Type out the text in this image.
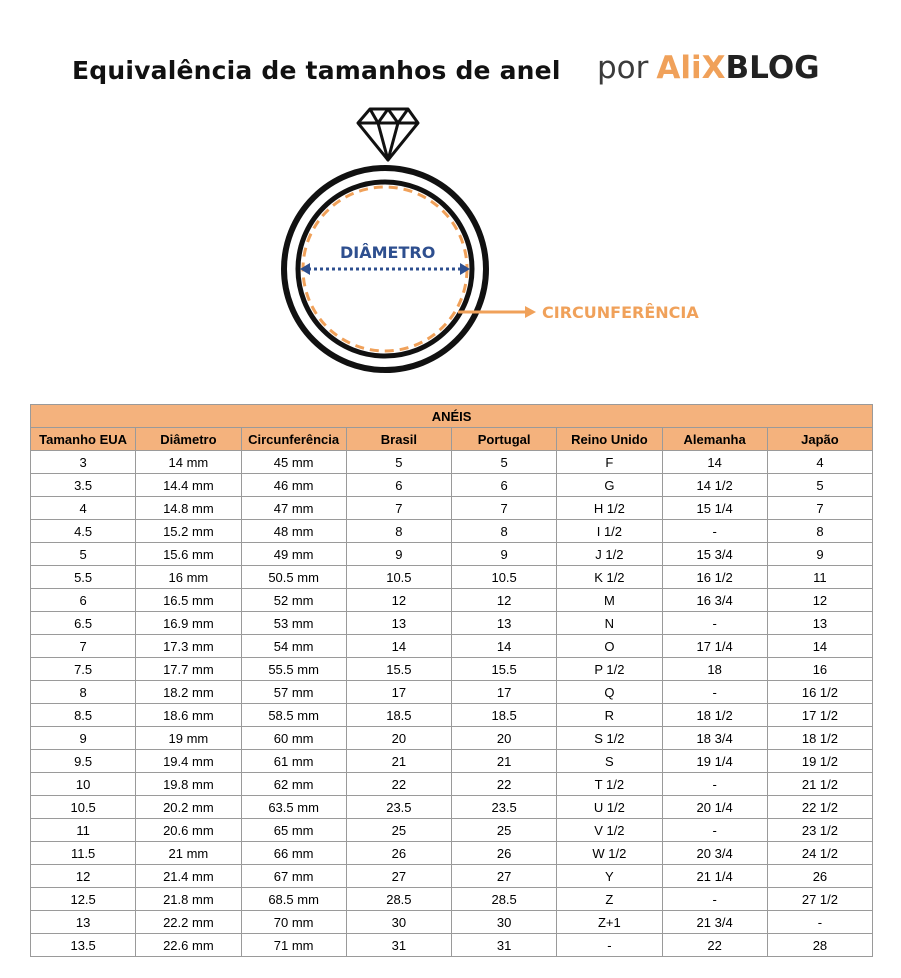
Equivalência de tamanhos de anel por AliXBLOG
DIÂMETRO
CIRCUNFERÊNCIA
ANÉIS							
Tamanho EUA	Diâmetro	Circunferência	Brasil	Portugal	Reino Unido	Alemanha	Japão
3	14 mm	45 mm	5	5	F	14	4
3.5	14.4 mm	46 mm	6	6	G	14 1/2	5
4	14.8 mm	47 mm	7	7	H 1/2	15 1/4	7
4.5	15.2 mm	48 mm	8	8	I 1/2	-	8
5	15.6 mm	49 mm	9	9	J 1/2	15 3/4	9
5.5	16 mm	50.5 mm	10.5	10.5	K 1/2	16 1/2	11
6	16.5 mm	52 mm	12	12	M	16 3/4	12
6.5	16.9 mm	53 mm	13	13	N	-	13
7	17.3 mm	54 mm	14	14	O	17 1/4	14
7.5	17.7 mm	55.5 mm	15.5	15.5	P 1/2	18	16
8	18.2 mm	57 mm	17	17	Q	-	16 1/2
8.5	18.6 mm	58.5 mm	18.5	18.5	R	18 1/2	17 1/2
9	19 mm	60 mm	20	20	S 1/2	18 3/4	18 1/2
9.5	19.4 mm	61 mm	21	21	S	19 1/4	19 1/2
10	19.8 mm	62 mm	22	22	T 1/2	-	21 1/2
10.5	20.2 mm	63.5 mm	23.5	23.5	U 1/2	20 1/4	22 1/2
11	20.6 mm	65 mm	25	25	V 1/2	-	23 1/2
11.5	21 mm	66 mm	26	26	W 1/2	20 3/4	24 1/2
12	21.4 mm	67 mm	27	27	Y	21 1/4	26
12.5	21.8 mm	68.5 mm	28.5	28.5	Z	-	27 1/2
13	22.2 mm	70 mm	30	30	Z+1	21 3/4	-
13.5	22.6 mm	71 mm	31	31	-	22	28
